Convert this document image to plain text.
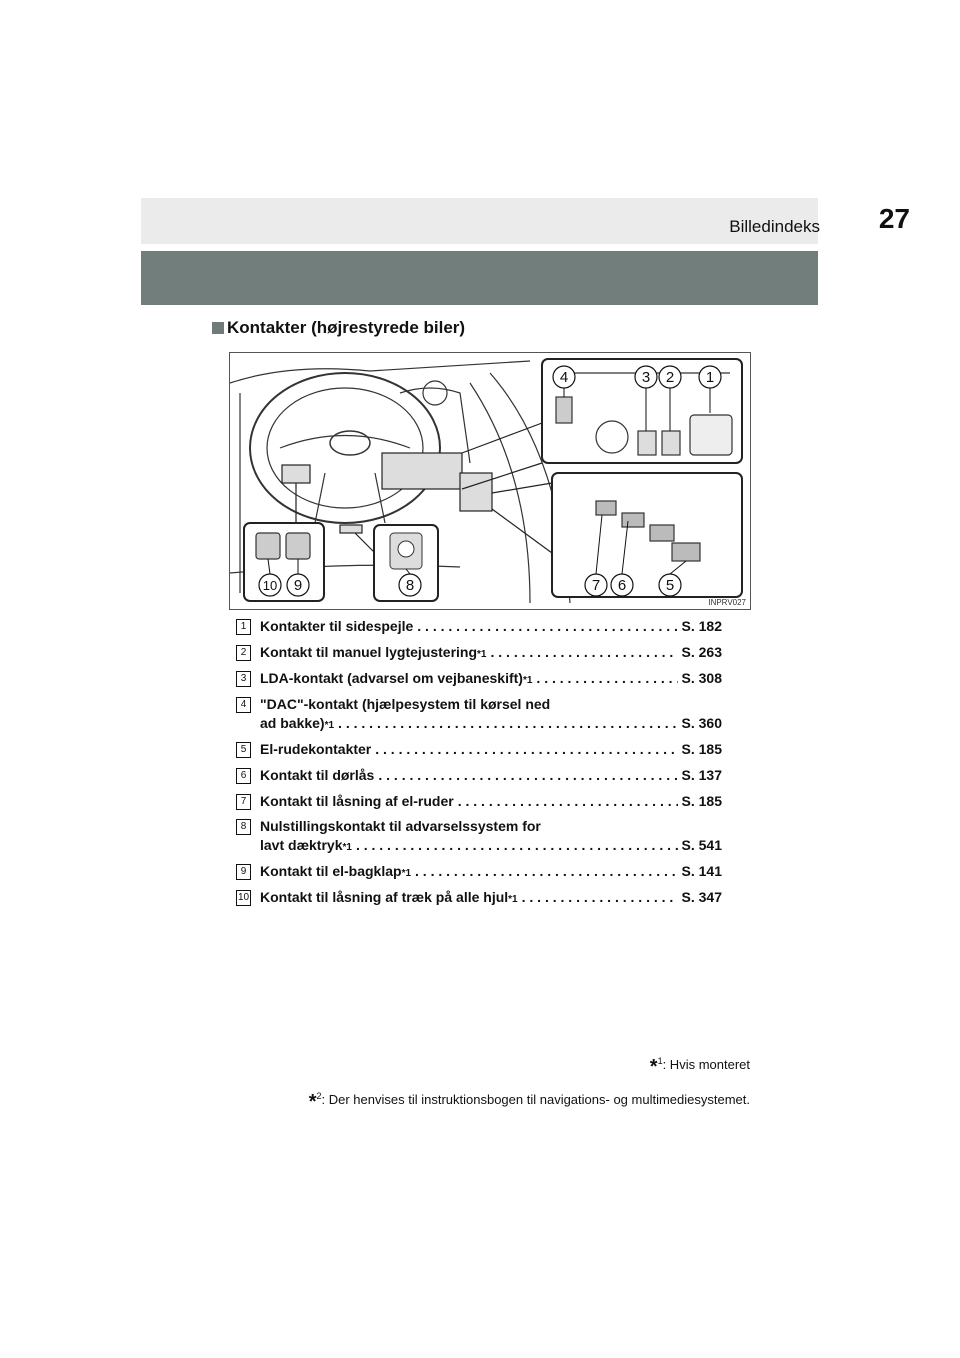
Billedindeks 27
Kontakter (højrestyrede biler)
1
2
3
4
5
6
7
8
9
10
INPRV027
1 Kontakter til sidespejle . . .	S. 182
2 Kontakt til manuel lygtejustering *1 . . .	S. 263
3 LDA-kontakt (advarsel om vejbaneskift) *1 . . .	S. 308
4 "DAC"-kontakt (hjælpesystem til kørsel ned
ad bakke) *1 . . .	S. 360
5 El-rudekontakter . . .	S. 185
6 Kontakt til dørlås . . .	S. 137
7 Kontakt til låsning af el-ruder . . .	S. 185
8 Nulstillingskontakt til advarselssystem for
lavt dæktryk *1 . . .	S. 541
9 Kontakt til el-bagklap *1 . . .	S. 141
10 Kontakt til låsning af træk på alle hjul *1 . . .	S. 347
*$^1$: Hvis monteret
*$^2$: Der henvises til instruktionsbogen til navigations- og multimediesystemet.
